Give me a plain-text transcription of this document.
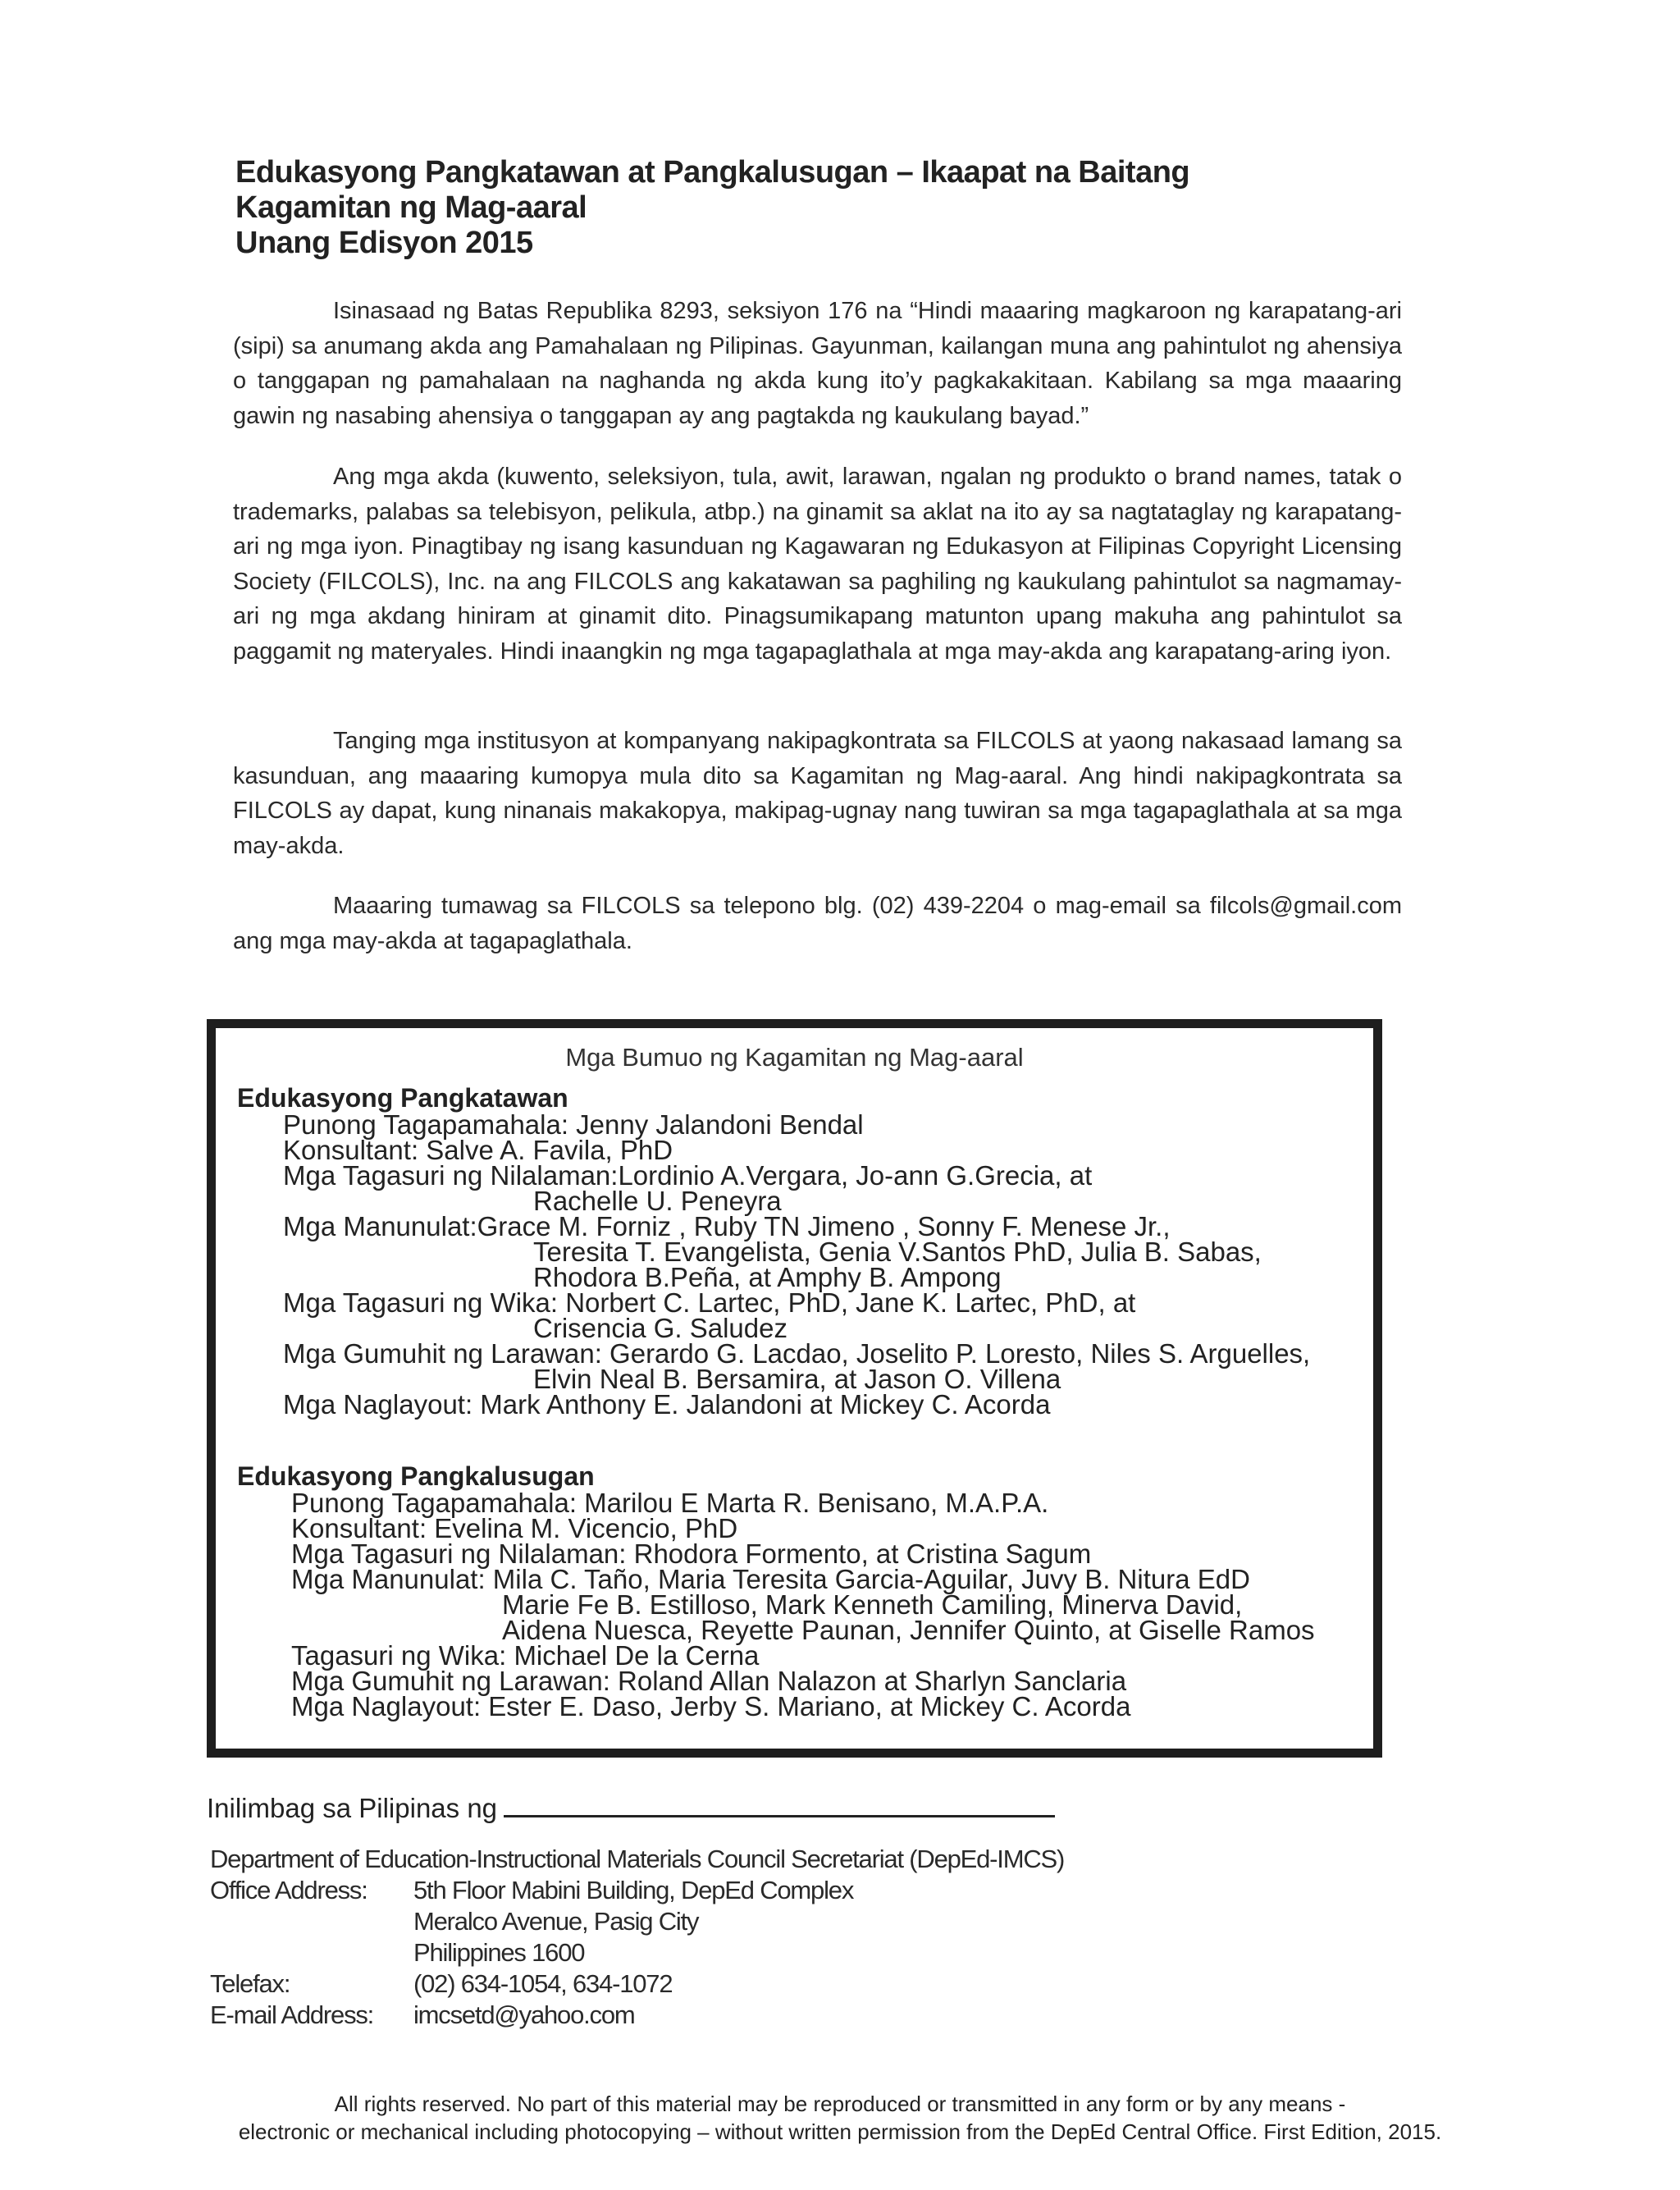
Edukasyong Pangkatawan at Pangkalusugan – Ikaapat na Baitang
Kagamitan ng Mag-aaral
Unang Edisyon 2015
Isinasaad ng Batas Republika 8293, seksiyon 176 na “Hindi maaaring magkaroon ng karapatang-ari (sipi) sa anumang akda ang Pamahalaan ng Pilipinas. Gayunman, kailangan muna ang pahintulot ng ahensiya o tanggapan ng pamahalaan na naghanda ng akda kung ito’y pagkakakitaan. Kabilang sa mga maaaring gawin ng nasabing ahensiya o tanggapan ay ang pagtakda ng kaukulang bayad.”
Ang mga akda (kuwento, seleksiyon, tula, awit, larawan, ngalan ng produkto o brand names, tatak o trademarks, palabas sa telebisyon, pelikula, atbp.) na ginamit sa aklat na ito ay sa nagtataglay ng karapatang-ari ng mga iyon. Pinagtibay ng isang kasunduan ng Kagawaran ng Edukasyon at Filipinas Copyright Licensing Society (FILCOLS), Inc. na ang FILCOLS ang kakatawan sa paghiling ng kaukulang pahintulot sa nagmamay-ari ng mga akdang hiniram at ginamit dito. Pinagsumikapang matunton upang makuha ang pahintulot sa paggamit ng materyales. Hindi inaangkin ng mga tagapaglathala at mga may-akda ang karapatang-aring iyon.
Tanging mga institusyon at kompanyang nakipagkontrata sa FILCOLS at yaong nakasaad lamang sa kasunduan, ang maaaring kumopya mula dito sa Kagamitan ng Mag-aaral. Ang hindi nakipagkontrata sa FILCOLS ay dapat, kung ninanais makakopya, makipag-ugnay nang tuwiran sa mga tagapaglathala at sa mga may-akda.
Maaaring tumawag sa FILCOLS sa telepono blg. (02) 439-2204 o mag-email sa filcols@gmail.com ang mga may-akda at tagapaglathala.
Mga Bumuo ng Kagamitan ng Mag-aaral
Edukasyong Pangkatawan
Punong Tagapamahala: Jenny Jalandoni Bendal
Konsultant: Salve A. Favila, PhD
Mga Tagasuri ng Nilalaman:Lordinio A.Vergara, Jo-ann G.Grecia, at
Rachelle U. Peneyra
Mga Manunulat:Grace M. Forniz , Ruby TN Jimeno , Sonny F. Menese Jr.,
Teresita T. Evangelista, Genia V.Santos PhD, Julia B. Sabas,
Rhodora B.Peña, at Amphy B. Ampong
Mga Tagasuri ng Wika: Norbert C. Lartec, PhD, Jane K. Lartec, PhD, at
Crisencia G. Saludez
Mga Gumuhit ng Larawan: Gerardo G. Lacdao, Joselito P. Loresto, Niles S. Arguelles,
Elvin Neal B. Bersamira, at Jason O. Villena
Mga Naglayout: Mark Anthony E. Jalandoni at Mickey C. Acorda
Edukasyong Pangkalusugan
Punong Tagapamahala: Marilou E Marta R. Benisano, M.A.P.A.
Konsultant: Evelina M. Vicencio, PhD
Mga Tagasuri ng Nilalaman: Rhodora Formento, at Cristina Sagum
Mga Manunulat: Mila C. Taño, Maria Teresita Garcia-Aguilar, Juvy B. Nitura EdD
Marie Fe B. Estilloso, Mark Kenneth Camiling, Minerva David,
Aidena Nuesca, Reyette Paunan, Jennifer Quinto, at Giselle Ramos
Tagasuri ng Wika: Michael De la Cerna
Mga Gumuhit ng Larawan: Roland Allan Nalazon at Sharlyn Sanclaria
Mga Naglayout: Ester E. Daso, Jerby S. Mariano, at Mickey C. Acorda
Inilimbag sa Pilipinas ng
Department of Education-Instructional Materials Council Secretariat (DepEd-IMCS)
Office Address: 5th Floor Mabini Building, DepEd Complex
Meralco Avenue, Pasig City
Philippines 1600
Telefax:	(02) 634-1054, 634-1072
E-mail Address: imcsetd@yahoo.com
All rights reserved. No part of this material may be reproduced or transmitted in any form or by any means -
electronic or mechanical including photocopying – without written permission from the DepEd Central Office. First Edition, 2015.
